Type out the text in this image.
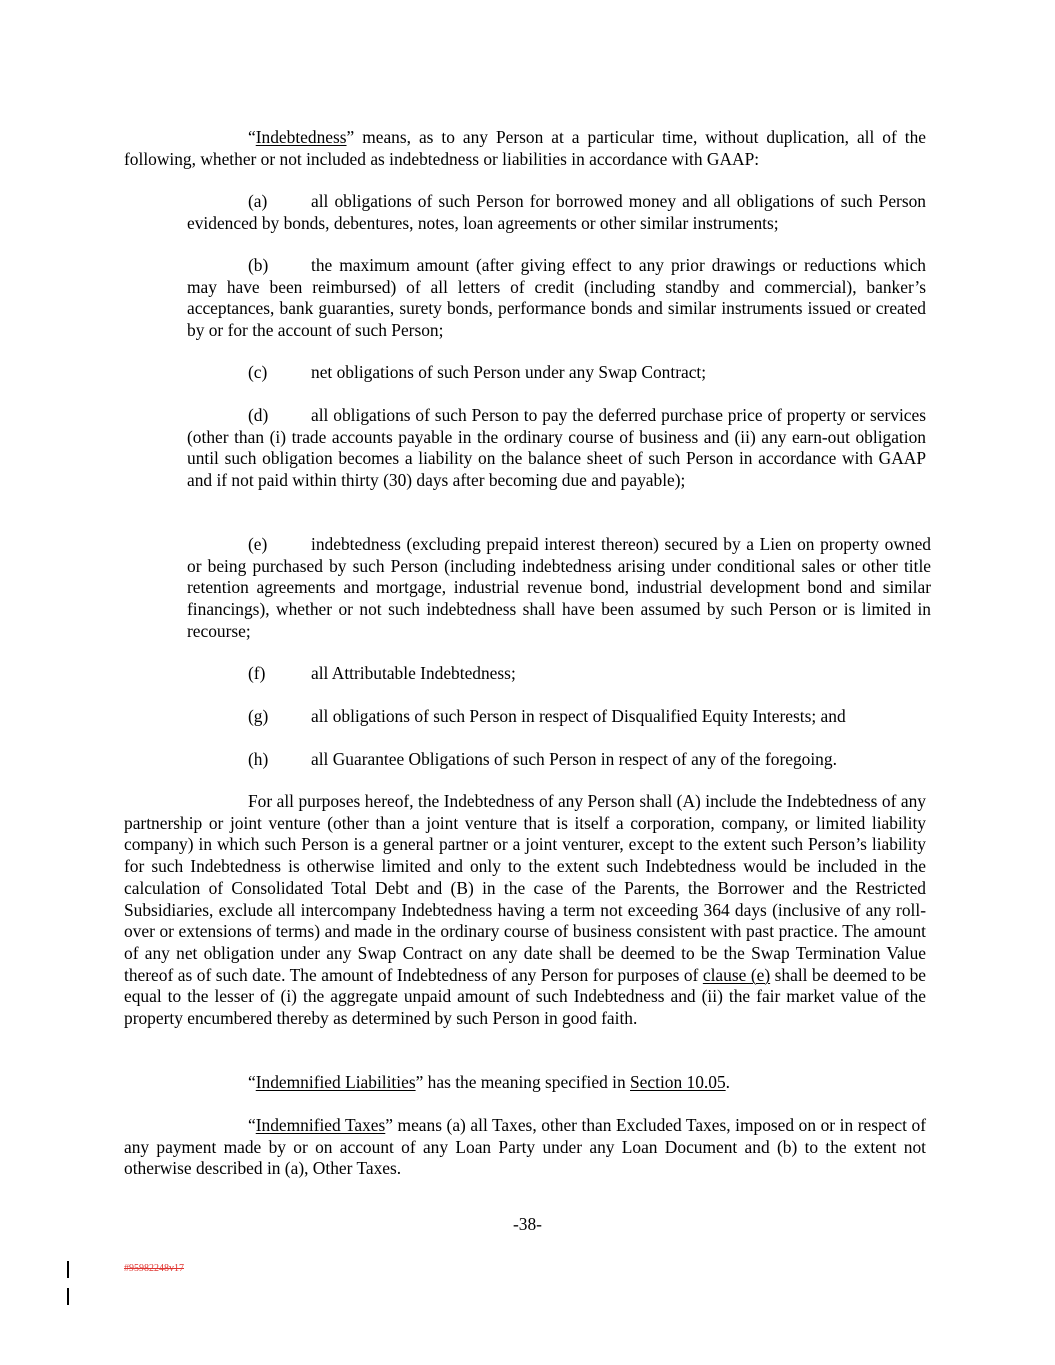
“Indebtedness” means, as to any Person at a particular time, without duplication, all of the following, whether or not included as indebtedness or liabilities in accordance with GAAP:

(a)	all obligations of such Person for borrowed money and all obligations of such Person evidenced by bonds, debentures, notes, loan agreements or other similar instruments;

(b) the maximum amount (after giving effect to any prior drawings or reductions which may have been reimbursed) of all letters of credit (including standby and commercial), banker’s acceptances, bank guaranties, surety bonds, performance bonds and similar instruments issued or created by or for the account of such Person;

(c)	net obligations of such Person under any Swap Contract;

(d) all obligations of such Person to pay the deferred purchase price of property or services (other than (i) trade accounts payable in the ordinary course of business and (ii) any earn-out obligation until such obligation becomes a liability on the balance sheet of such Person in accordance with GAAP and if not paid within thirty (30) days after becoming due and payable);

(e)	indebtedness (excluding prepaid interest thereon) secured by a Lien on property owned or being purchased by such Person (including indebtedness arising under conditional sales or other title retention agreements and mortgage, industrial revenue bond, industrial development bond and similar financings), whether or not such indebtedness shall have been assumed by such Person or is limited in recourse;

(f)	all Attributable Indebtedness;

(g) all obligations of such Person in respect of Disqualified Equity Interests; and

(h) all Guarantee Obligations of such Person in respect of any of the foregoing.

For all purposes hereof, the Indebtedness of any Person shall (A) include the Indebtedness of any partnership or joint venture (other than a joint venture that is itself a corporation, company, or limited liability company) in which such Person is a general partner or a joint venturer, except to the extent such Person’s liability for such Indebtedness is otherwise limited and only to the extent such Indebtedness would be included in the calculation of Consolidated Total Debt and (B) in the case of the Parents, the Borrower and the Restricted Subsidiaries, exclude all intercompany Indebtedness having a term not exceeding 364 days (inclusive of any roll-over or extensions of terms) and made in the ordinary course of business consistent with past practice. The amount of any net obligation under any Swap Contract on any date shall be deemed to be the Swap Termination Value thereof as of such date. The amount of Indebtedness of any Person for purposes of clause (e) shall be deemed to be equal to the lesser of (i) the aggregate unpaid amount of such Indebtedness and (ii) the fair market value of the property encumbered thereby as determined by such Person in good faith.

“Indemnified Liabilities” has the meaning specified in Section 10.05.

“Indemnified Taxes” means (a) all Taxes, other than Excluded Taxes, imposed on or in respect of any payment made by or on account of any Loan Party under any Loan Document and (b) to the extent not otherwise described in (a), Other Taxes.

-38-
#95982248v17
